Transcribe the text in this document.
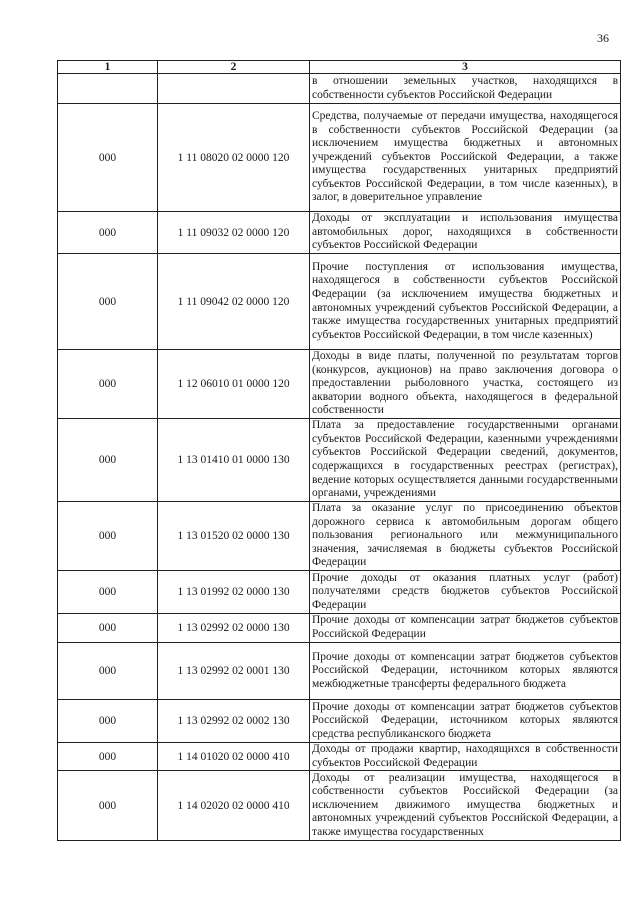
36
1	2	3
		в отношении земельных участков, находящихся в собственности субъектов Российской Федерации
000	1 11 08020 02 0000 120	Средства, получаемые от передачи имущества, находящегося в собственности субъектов Российской Федерации (за исключением имущества бюджетных и автономных учреждений субъектов Российской Федерации, а также имущества государственных унитарных предприятий субъектов Российской Федерации, в том числе казенных), в залог, в доверительное управление
000	1 11 09032 02 0000 120	Доходы от эксплуатации и использования имущества автомобильных дорог, находящихся в собственности субъектов Российской Федерации
000	1 11 09042 02 0000 120	Прочие поступления от использования имущества, находящегося в собственности субъектов Российской Федерации (за исключением имущества бюджетных и автономных учреждений субъектов Российской Федерации, а также имущества государственных унитарных предприятий субъектов Российской Федерации, в том числе казенных)
000	1 12 06010 01 0000 120	Доходы в виде платы, полученной по результатам торгов (конкурсов, аукционов) на право заключения договора о предоставлении рыболовного участка, состоящего из акватории водного объекта, находящегося в федеральной собственности
000	1 13 01410 01 0000 130	Плата за предоставление государственными органами субъектов Российской Федерации, казенными учреждениями субъектов Российской Федерации сведений, документов, содержащихся в государственных реестрах (регистрах), ведение которых осуществляется данными государственными органами, учреждениями
000	1 13 01520 02 0000 130	Плата за оказание услуг по присоединению объектов дорожного сервиса к автомобильным дорогам общего пользования регионального или межмуниципального значения, зачисляемая в бюджеты субъектов Российской Федерации
000	1 13 01992 02 0000 130	Прочие доходы от оказания платных услуг (работ) получателями средств бюджетов субъектов Российской Федерации
000	1 13 02992 02 0000 130	Прочие доходы от компенсации затрат бюджетов субъектов Российской Федерации
000	1 13 02992 02 0001 130	Прочие доходы от компенсации затрат бюджетов субъектов Российской Федерации, источником которых являются межбюджетные трансферты федерального бюджета
000	1 13 02992 02 0002 130	Прочие доходы от компенсации затрат бюджетов субъектов Российской Федерации, источником которых являются средства республиканского бюджета
000	1 14 01020 02 0000 410	Доходы от продажи квартир, находящихся в собственности субъектов Российской Федерации
000	1 14 02020 02 0000 410	Доходы от реализации имущества, находящегося в собственности субъектов Российской Федерации (за исключением движимого имущества бюджетных и автономных учреждений субъектов Российской Федерации, а также имущества государственных
